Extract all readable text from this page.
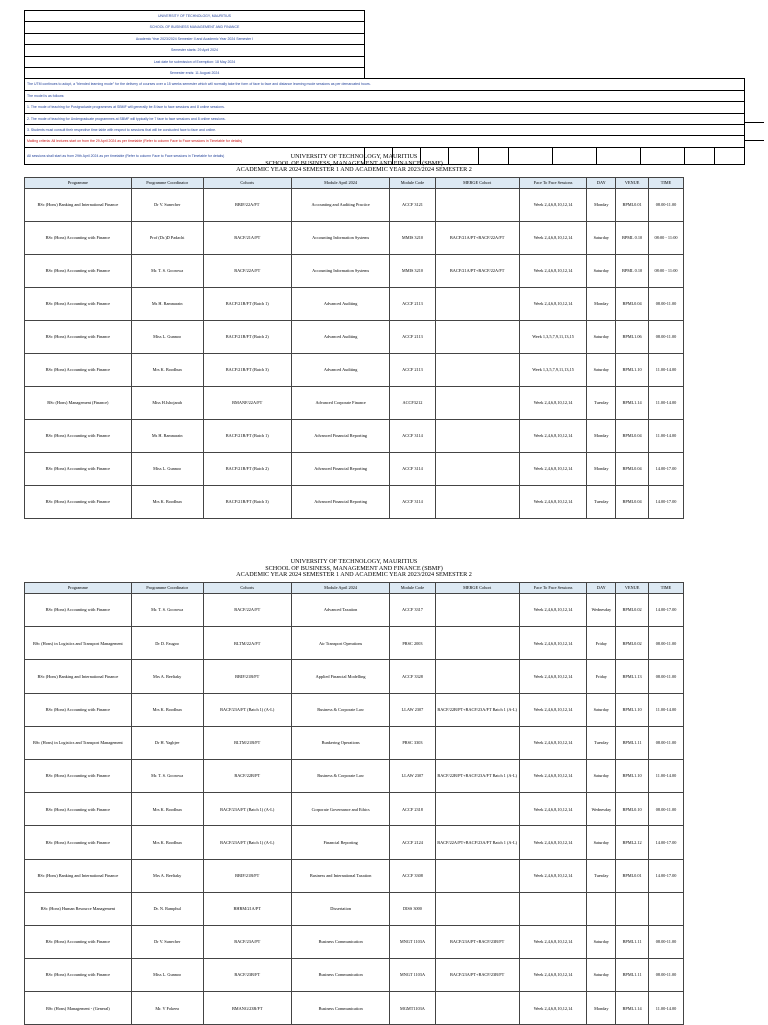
UNIVERSITY OF TECHNOLOGY, MAURITIUS											
SCHOOL OF BUSINESS MANAGEMENT AND FINANCE											
Academic Year 2023/2024 Semester II and Academic Year 2024 Semester I											
Semester starts: 29 April 2024											
Last date for submission of Exemption: 18 May 2024											
Semester ends: 11 August 2024											
The UTM continues to adopt, a "blended learning mode" for the delivery of courses over a 15 weeks semester which will normally take the form of face to face and distance learning mode sessions as per demarcated hours.											
The model is as follows:											
1. The mode of teaching for Postgraduate programmes at SBMF will generally be 8 face to face sessions and 8 online sessions.											
2. The mode of teaching for Undergraduate programmes at SBMF will typically be 7 face to face sessions and 8 online sessions.											
3. Students must consult their respective time table with respect to sessions that will be conducted face to face and online.											
Mailing criteria: All lectures start on from the 29 April 2024 as per timetable (Refer to column Face to Face sessions in Timetable for details)											
All sessions shall start as from 29th April 2024 as per timetable (Refer to column Face to Face sessions in Timetable for details)												UNIVERSITY OF TECHNOLOGY, MAURITIUS
SCHOOL OF BUSINESS, MANAGEMENT AND FINANCE (SBMF)
ACADEMIC YEAR 2024 SEMESTER 1 AND ACADEMIC YEAR 2023/2024 SEMESTER 2
Programme	Programme Coordinator	Cohorts	Module April 2024	Module Code	MERGE Cohort	Face To Face Sessions	DAY	VENUE	TIME
BSc (Hons) Banking and International Finance	Dr V. Sunecher	BBIF/22A/FT	Accounting and Auditing Practice	ACCF 3121		Week 2,4,6,8,10,12,14	Monday	BPML0.01	08.00-11.00
BSc (Hons) Accounting with Finance	Prof (Dr.)D Padachi	BACF/21A/PT	Accounting Information Systems	MMIS 3210	BACF/21A/PT+BACF/22A/FT	Week 2,4,6,8,10,12,14	Saturday	BPML 0.10	08:00 - 11:00
BSc (Hons) Accounting with Finance	Mr. T. S. Goorowa	BACF/22A/FT	Accounting Information Systems	MMIS 3210	BACF/21A/PT+BACF/22A/FT	Week 2,4,6,8,10,12,14	Saturday	BPML 0.10	08:00 - 11:00
BSc (Hons) Accounting with Finance	Ms H. Ramnarain	BACF/21B/FT (Batch 1)	Advanced Auditing	ACCF 2113		Week 2,4,6,8,10,12,14	Monday	BPML0.04	08.00-11.00
BSc (Hons) Accounting with Finance	Miss L. Gunnoo	BACF/21B/FT (Batch 2)	Advanced Auditing	ACCF 2113		Week 1,3,5,7,9,11,13,15	Saturday	BPML1.06	08.00-11.00
BSc (Hons) Accounting with Finance	Mrs K. Boodhun	BACF/21B/FT (Batch 3)	Advanced Auditing	ACCF 2113		Week 1,3,5,7,9,11,13,15	Saturday	BPML1.10	11.00-14.00
BSc (Hons) Management (Finance)	Miss H.Ishojarah	BMANF/22A/FT	Advanced Corporate Finance	ACCF3212		Week 2,4,6,8,10,12,14	Tuesday	BPML1.14	11.00-14.00
BSc (Hons) Accounting with Finance	Ms H. Ramnarain	BACF/21B/FT (Batch 1)	Advanced Financial Reporting	ACCF 3114		Week 2,4,6,8,10,12,14	Monday	BPML0.04	11.00-14.00
BSc (Hons) Accounting with Finance	Miss L. Gunnoo	BACF/21B/FT (Batch 2)	Advanced Financial Reporting	ACCF 3114		Week 2,4,6,8,10,12,14	Monday	BPML0.04	14.00-17.00
BSc (Hons) Accounting with Finance	Mrs K. Boodhun	BACF/21B/FT (Batch 3)	Advanced Financial Reporting	ACCF 3114		Week 2,4,6,8,10,12,14	Tuesday	BPML0.04	14.00-17.00
UNIVERSITY OF TECHNOLOGY, MAURITIUS
SCHOOL OF BUSINESS, MANAGEMENT AND FINANCE (SBMF)
ACADEMIC YEAR 2024 SEMESTER 1 AND ACADEMIC YEAR 2023/2024 SEMESTER 2
Programme	Programme Coordinator	Cohorts	Module April 2024	Module Code	MERGE Cohort	Face To Face Sessions	DAY	VENUE	TIME
BSc (Hons) Accounting with Finance	Mr. T. S. Goorowa	BACF/22A/FT	Advanced Taxation	ACCF 3317		Week 2,4,6,8,10,12,14	Wednesday	BPML0.02	14.00-17.00
BSc (Hons) in Logistics and Transport Management	Dr D. Faugoo	BLTM/22A/FT	Air Transport Operations	PRSC 2003		Week 2,4,6,8,10,12,14	Friday	BPML0.02	08.00-11.00
BSc (Hons) Banking and International Finance	Mrs A. Beeltaky	BBIF/21B/FT	Applied Financial Modelling	ACCF 3328		Week 2,4,6,8,10,12,14	Friday	BPML1.13	08.00-11.00
BSc (Hons) Accounting with Finance	Mrs K. Boodhun	BACF/23A/FT (Batch 1) (A-L)	Business & Corporate Law	LLAW 2307	BACF/22B/PT+BACF/23A/FT Batch 1 (A-L)	Week 2,4,6,8,10,12,14	Saturday	BPML1.10	11.00-14.00
BSc (Hons) in Logistics and Transport Management	Dr H. Yagbjee	BLTM/21B/FT	Bunkering Operations	PRSC 3303		Week 2,4,6,8,10,12,14	Tuesday	BPML1.11	08.00-11.00
BSc (Hons) Accounting with Finance	Mr. T. S. Goorowa	BACF/22B/PT	Business & Corporate Law	LLAW 2307	BACF/22B/PT+BACF/23A/FT Batch 1 (A-L)	Week 2,4,6,8,10,12,14	Saturday	BPML1.10	11.00-14.00
BSc (Hons) Accounting with Finance	Mrs K. Boodhun	BACF/23A/FT (Batch 1) (A-L)	Corporate Governance and Ethics	ACCF 2318		Week 2,4,6,8,10,12,14	Wednesday	BPML0.10	08.00-11.00
BSc (Hons) Accounting with Finance	Mrs K. Boodhun	BACF/23A/FT (Batch 1) (A-L)	Financial Reporting	ACCF 2124	BACF/22A/PT+BACF/23A/FT Batch 1 (A-L)	Week 2,4,6,8,10,12,14	Saturday	BPML2.12	14.00-17.00
BSc (Hons) Banking and International Finance	Mrs A. Beeltaky	BBIF/21B/FT	Business and International Taxation	ACCF 3308		Week 2,4,6,8,10,12,14	Tuesday	BPML0.01	14.00-17.00
BSc (Hons) Human Resource Management	Dr. N. Ramphul	BHRM/21A/PT	Dissertation	DISS 3000					
BSc (Hons) Accounting with Finance	Dr V. Sunecher	BACF/23A/PT	Business Communication	MNGT 1103A	BACF/23A/PT+BACF/23B/FT	Week 2,4,6,8,10,12,14	Saturday	BPML1.11	08.00-11.00
BSc (Hons) Accounting with Finance	Miss L. Gunnoo	BACF/23B/FT	Business Communication	MNGT 1103A	BACF/23A/PT+BACF/23B/FT	Week 2,4,6,8,10,12,14	Saturday	BPML1.11	08.00-11.00
BSc (Hons) Management - (General)	Mr. V Fokeea	BMANG/23B/FT	Business Communication	MGMT1103A		Week 2,4,6,8,10,12,14	Monday	BPML1.14	11.00-14.00
